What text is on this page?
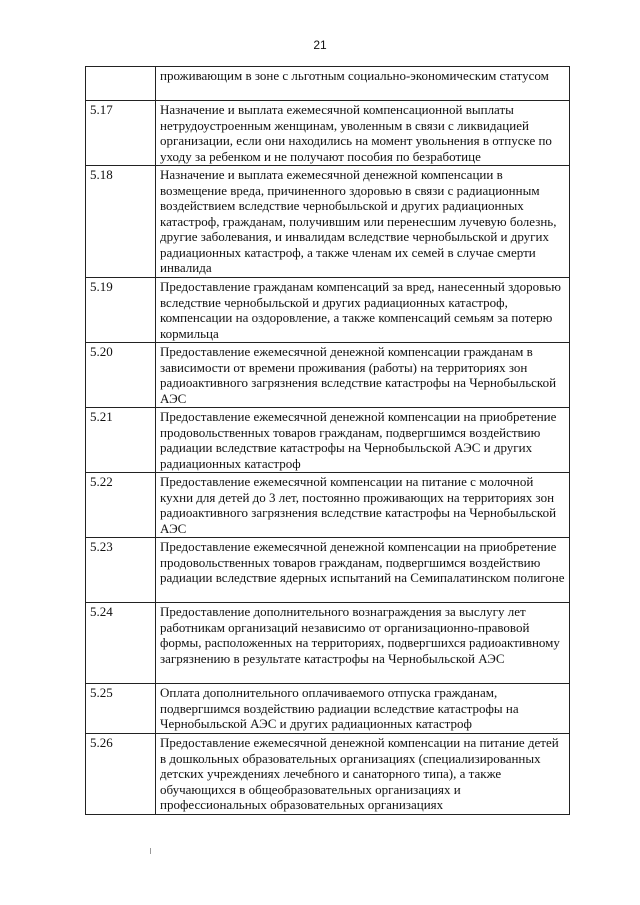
21
	проживающим в зоне с льготным социально-экономическим статусом
5.17	Назначение и выплата ежемесячной компенсационной выплаты нетрудоустроенным женщинам, уволенным в связи с ликвидацией организации, если они находились на момент увольнения в отпуске по уходу за ребенком и не получают пособия по безработице
5.18	Назначение и выплата ежемесячной денежной компенсации в возмещение вреда, причиненного здоровью в связи с радиационным воздействием вследствие чернобыльской и других радиационных катастроф, гражданам, получившим или перенесшим лучевую болезнь, другие заболевания, и инвалидам вследствие чернобыльской и других радиационных катастроф, а также членам их семей в случае смерти инвалида
5.19	Предоставление гражданам компенсаций за вред, нанесенный здоровью вследствие чернобыльской и других радиационных катастроф, компенсации на оздоровление, а также компенсаций семьям за потерю кормильца
5.20	Предоставление ежемесячной денежной компенсации гражданам в зависимости от времени проживания (работы) на территориях зон радиоактивного загрязнения вследствие катастрофы на Чернобыльской АЭС
5.21	Предоставление ежемесячной денежной компенсации на приобретение продовольственных товаров гражданам, подвергшимся воздействию радиации вследствие катастрофы на Чернобыльской АЭС и других радиационных катастроф
5.22	Предоставление ежемесячной компенсации на питание с молочной кухни для детей до 3 лет, постоянно проживающих на территориях зон радиоактивного загрязнения вследствие катастрофы на Чернобыльской АЭС
5.23	Предоставление ежемесячной денежной компенсации на приобретение продовольственных товаров гражданам, подвергшимся воздействию радиации вследствие ядерных испытаний на Семипалатинском полигоне
5.24	Предоставление дополнительного вознаграждения за выслугу лет работникам организаций независимо от организационно-правовой формы, расположенных на территориях, подвергшихся радиоактивному загрязнению в результате катастрофы на Чернобыльской АЭС
5.25	Оплата дополнительного оплачиваемого отпуска гражданам, подвергшимся воздействию радиации вследствие катастрофы на Чернобыльской АЭС и других радиационных катастроф
5.26	Предоставление ежемесячной денежной компенсации на питание детей в дошкольных образовательных организациях (специализированных детских учреждениях лечебного и санаторного типа), а также обучающихся в общеобразовательных организациях и профессиональных образовательных организациях
